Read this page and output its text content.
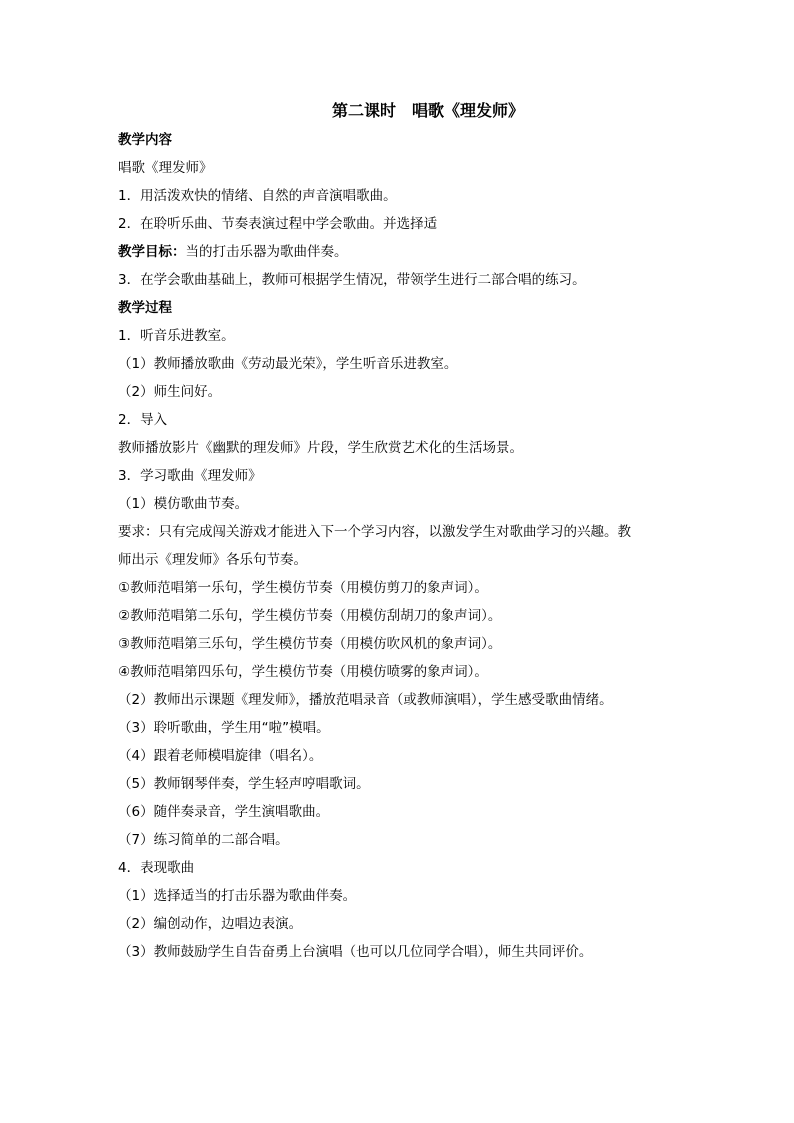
第二课时　唱歌《理发师》
教学内容
唱歌《理发师》
1．用活泼欢快的情绪、自然的声音演唱歌曲。
2．在聆听乐曲、节奏表演过程中学会歌曲。并选择适
教学目标：当的打击乐器为歌曲伴奏。
3．在学会歌曲基础上，教师可根据学生情况，带领学生进行二部合唱的练习。
教学过程
1．听音乐进教室。
（1）教师播放歌曲《劳动最光荣》，学生听音乐进教室。
（2）师生问好。
2．导入
教师播放影片《幽默的理发师》片段，学生欣赏艺术化的生活场景。
3．学习歌曲《理发师》
（1）模仿歌曲节奏。
要求：只有完成闯关游戏才能进入下一个学习内容，以激发学生对歌曲学习的兴趣。教
师出示《理发师》各乐句节奏。
①教师范唱第一乐句，学生模仿节奏（用模仿剪刀的象声词）。
②教师范唱第二乐句，学生模仿节奏（用模仿刮胡刀的象声词）。
③教师范唱第三乐句，学生模仿节奏（用模仿吹风机的象声词）。
④教师范唱第四乐句，学生模仿节奏（用模仿喷雾的象声词）。
（2）教师出示课题《理发师》，播放范唱录音（或教师演唱），学生感受歌曲情绪。
（3）聆听歌曲，学生用“啦”模唱。
（4）跟着老师模唱旋律（唱名）。
（5）教师钢琴伴奏，学生轻声哼唱歌词。
（6）随伴奏录音，学生演唱歌曲。
（7）练习简单的二部合唱。
4．表现歌曲
（1）选择适当的打击乐器为歌曲伴奏。
（2）编创动作，边唱边表演。
（3）教师鼓励学生自告奋勇上台演唱（也可以几位同学合唱），师生共同评价。
